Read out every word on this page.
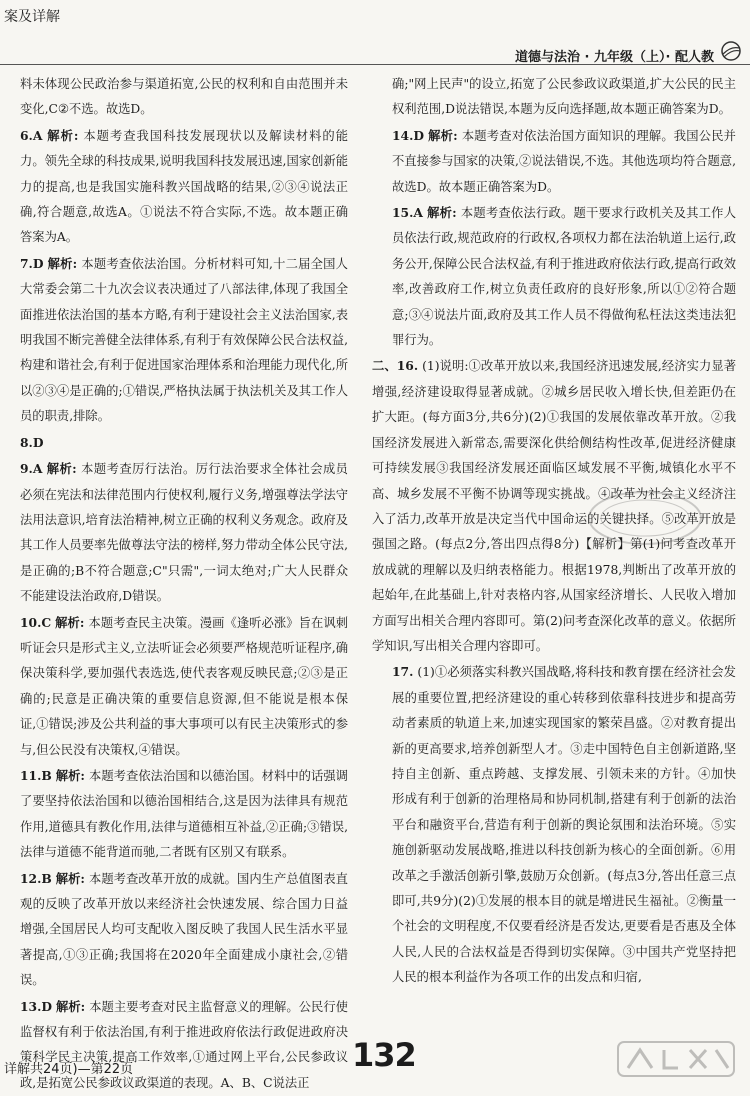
案及详解
道德与法治 · 九年级（上）· 配人教

料未体现公民政治参与渠道拓宽,公民的权利和自由范围并未变化,C②不选。故选D。

6.A 解析: 本题考查我国科技发展现状以及解读材料的能力。领先全球的科技成果,说明我国科技发展迅速,国家创新能力的提高,也是我国实施科教兴国战略的结果,②③④说法正确,符合题意,故选A。①说法不符合实际,不选。故本题正确答案为A。

7.D 解析: 本题考查依法治国。分析材料可知,十二届全国人大常委会第二十九次会议表决通过了八部法律,体现了我国全面推进依法治国的基本方略,有利于建设社会主义法治国家,表明我国不断完善健全法律体系,有利于有效保障公民合法权益,构建和谐社会,有利于促进国家治理体系和治理能力现代化,所以②③④是正确的;①错误,严格执法属于执法机关及其工作人员的职责,排除。

8.D

9.A 解析: 本题考查厉行法治。厉行法治要求全体社会成员必须在宪法和法律范围内行使权利,履行义务,增强尊法学法守法用法意识,培育法治精神,树立正确的权利义务观念。政府及其工作人员要率先做尊法守法的榜样,努力带动全体公民守法,是正确的;B不符合题意;C"只需",一词太绝对;广大人民群众不能建设法治政府,D错误。

10.C 解析: 本题考查民主决策。漫画《逢听必涨》旨在讽刺听证会只是形式主义,立法听证会必须要严格规范听证程序,确保决策科学,要加强代表选选,使代表客观反映民意;②③是正确的;民意是正确决策的重要信息资源,但不能说是根本保证,①错误;涉及公共利益的事大事项可以有民主决策形式的参与,但公民没有决策权,④错误。

11.B 解析: 本题考查依法治国和以德治国。材料中的话强调了要坚持依法治国和以德治国相结合,这是因为法律具有规范作用,道德具有教化作用,法律与道德相互补益,②正确;③错误,法律与道德不能背道而驰,二者既有区别又有联系。

12.B 解析: 本题考查改革开放的成就。国内生产总值图表直观的反映了改革开放以来经济社会快速发展、综合国力日益增强,全国居民人均可支配收入图反映了我国人民生活水平显著提高,①③正确;我国将在2020年全面建成小康社会,②错误。

13.D 解析: 本题主要考查对民主监督意义的理解。公民行使监督权有利于依法治国,有利于推进政府依法行政促进政府决策科学民主决策,提高工作效率,①通过网上平台,公民参政议政,是拓宽公民参政议政渠道的表现。A、B、C说法正

确;"网上民声"的设立,拓宽了公民参政议政渠道,扩大公民的民主权利范围,D说法错误,本题为反向选择题,故本题正确答案为D。

14.D 解析: 本题考查对依法治国方面知识的理解。我国公民并不直接参与国家的决策,②说法错误,不选。其他选项均符合题意,故选D。故本题正确答案为D。

15.A 解析: 本题考查依法行政。题干要求行政机关及其工作人员依法行政,规范政府的行政权,各项权力都在法治轨道上运行,政务公开,保障公民合法权益,有利于推进政府依法行政,提高行政效率,改善政府工作,树立负责任政府的良好形象,所以①②符合题意;③④说法片面,政府及其工作人员不得做徇私枉法这类违法犯罪行为。

二、16. (1)说明:①改革开放以来,我国经济迅速发展,经济实力显著增强,经济建设取得显著成就。②城乡居民收入增长快,但差距仍在扩大距。(每方面3分,共6分)(2)①我国的发展依靠改革开放。②我国经济发展进入新常态,需要深化供给侧结构性改革,促进经济健康可持续发展③我国经济发展还面临区域发展不平衡,城镇化水平不高、城乡发展不平衡不协调等现实挑战。④改革为社会主义经济注入了活力,改革开放是决定当代中国命运的关键抉择。⑤改革开放是强国之路。(每点2分,答出四点得8分)【解析】第(1)问考查改革开放成就的理解以及归纳表格能力。根据1978,判断出了改革开放的起始年,在此基础上,针对表格内容,从国家经济增长、人民收入增加方面写出相关合理内容即可。第(2)问考查深化改革的意义。依据所学知识,写出相关合理内容即可。

17. (1)①必须落实科教兴国战略,将科技和教育摆在经济社会发展的重要位置,把经济建设的重心转移到依靠科技进步和提高劳动者素质的轨道上来,加速实现国家的繁荣昌盛。②对教育提出新的更高要求,培养创新型人才。③走中国特色自主创新道路,坚持自主创新、重点跨越、支撑发展、引领未来的方针。④加快形成有利于创新的治理格局和协同机制,搭建有利于创新的法治平台和融资平台,营造有利于创新的舆论氛围和法治环境。⑤实施创新驱动发展战略,推进以科技创新为核心的全面创新。⑥用改革之手激活创新引擎,鼓励万众创新。(每点3分,答出任意三点即可,共9分)(2)①发展的根本目的就是增进民生福祉。②衡量一个社会的文明程度,不仅要看经济是否发达,更要看是否惠及全体人民,人民的合法权益是否得到切实保障。③中国共产党坚持把人民的根本利益作为各项工作的出发点和归宿,

详解共24页)—第22页	132
